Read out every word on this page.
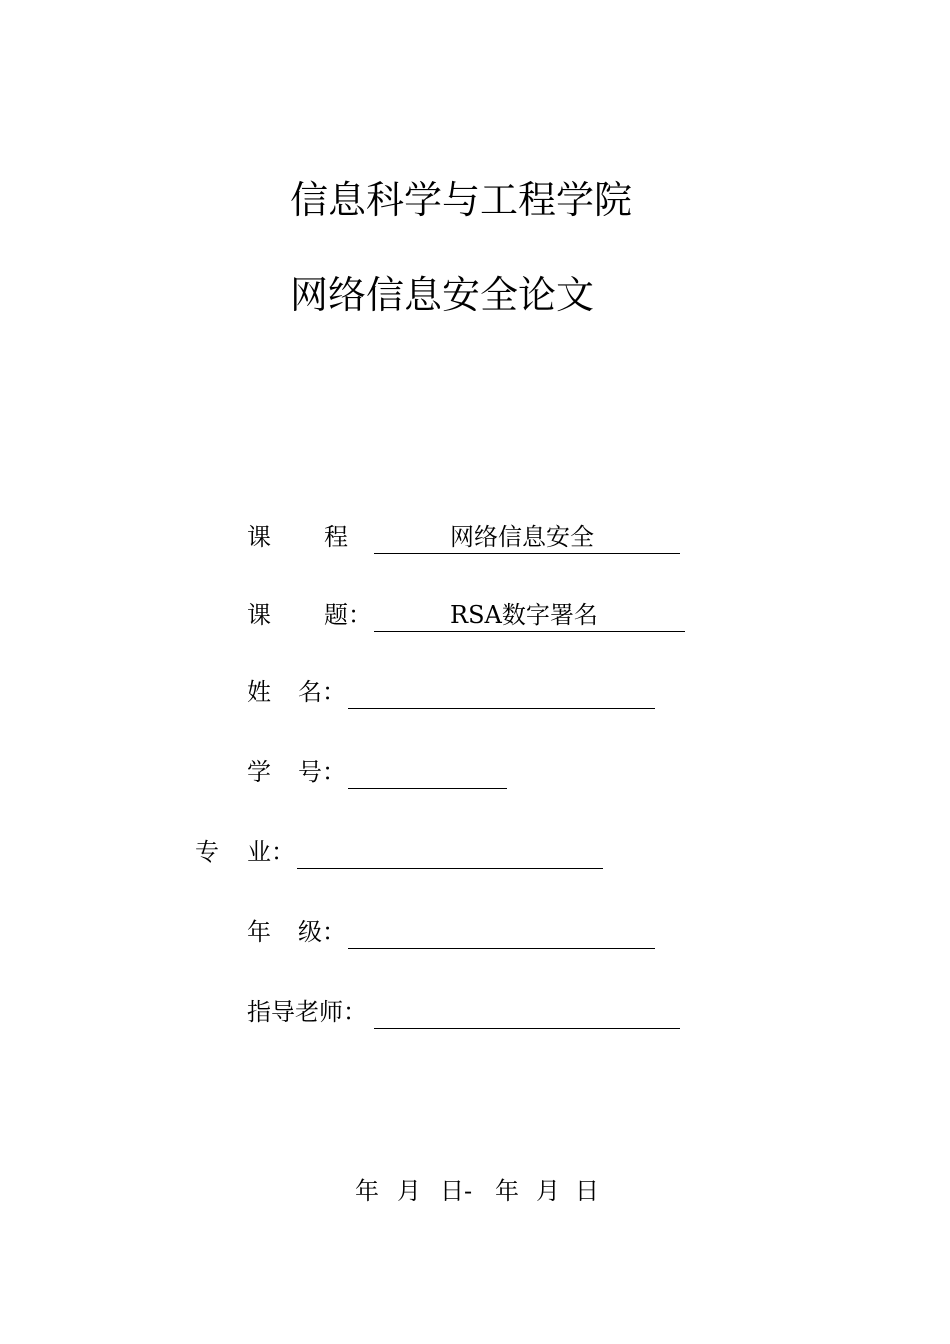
信息科学与工程学院
网络信息安全论文
课 程	网络信息安全
课 题：	RSA数字署名
姓 名：
学 号：
专 业：
年 级：
指导老师：
年 月 日- 年 月 日
